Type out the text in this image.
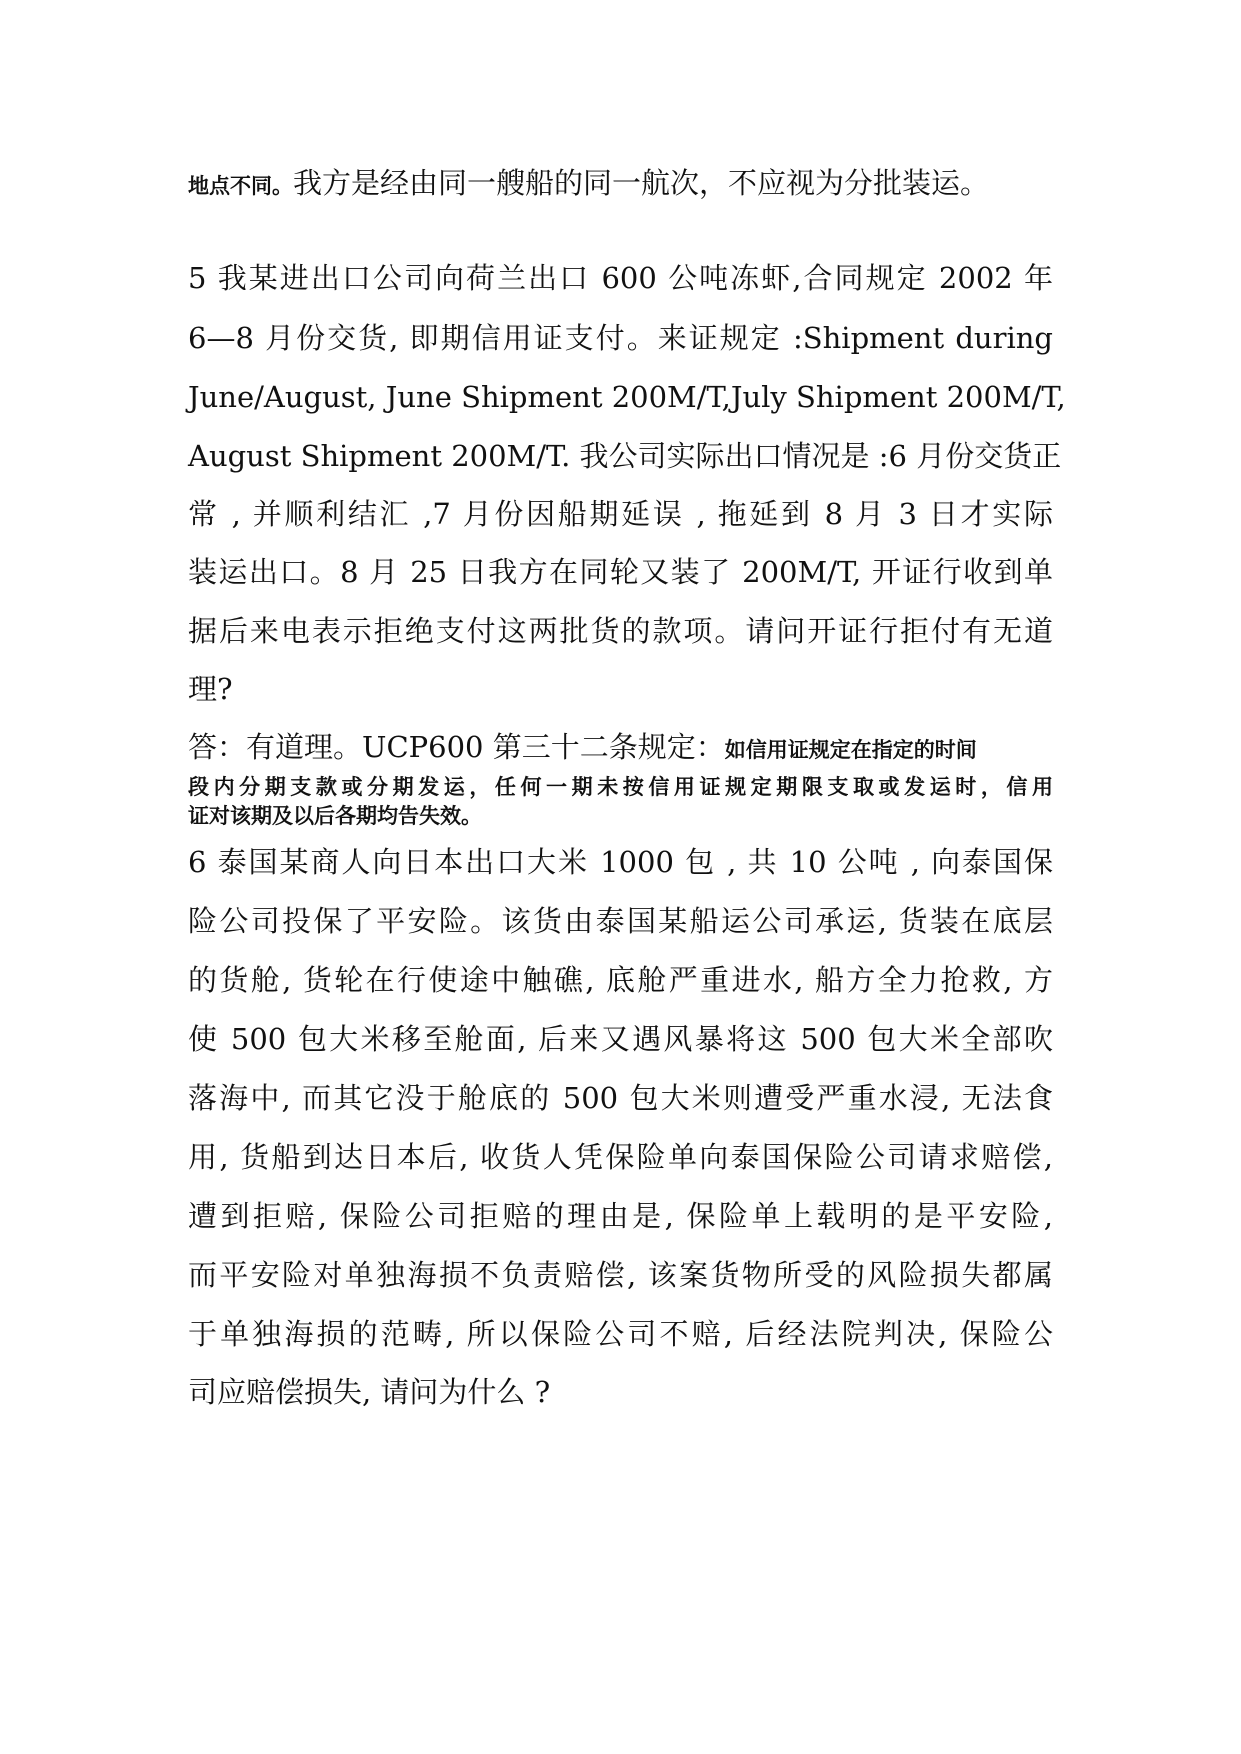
地点不同。我方是经由同一艘船的同一航次，不应视为分批装运。
5 我某进出口公司向荷兰出口 600 公吨冻虾,合同规定 2002 年
6—8 月份交货, 即期信用证支付。来证规定 :Shipment during
June/August, June Shipment 200M/T,July Shipment 200M/T,
August Shipment 200M/T. 我公司实际出口情况是 :6 月份交货正
常 , 并顺利结汇 ,7 月份因船期延误 , 拖延到 8 月 3 日才实际
装运出口。8 月 25 日我方在同轮又装了 200M/T, 开证行收到单
据后来电表示拒绝支付这两批货的款项。请问开证行拒付有无道
理?
答：有道理。UCP600 第三十二条规定：如信用证规定在指定的时间
段内分期支款或分期发运，任何一期未按信用证规定期限支取或发运时，信用
证对该期及以后各期均告失效。
6 泰国某商人向日本出口大米 1000 包 , 共 10 公吨 , 向泰国保
险公司投保了平安险。该货由泰国某船运公司承运, 货装在底层
的货舱, 货轮在行使途中触礁, 底舱严重进水, 船方全力抢救, 方
使 500 包大米移至舱面, 后来又遇风暴将这 500 包大米全部吹
落海中, 而其它没于舱底的 500 包大米则遭受严重水浸, 无法食
用, 货船到达日本后, 收货人凭保险单向泰国保险公司请求赔偿,
遭到拒赔, 保险公司拒赔的理由是, 保险单上载明的是平安险,
而平安险对单独海损不负责赔偿, 该案货物所受的风险损失都属
于单独海损的范畴, 所以保险公司不赔, 后经法院判决, 保险公
司应赔偿损失, 请问为什么 ?
